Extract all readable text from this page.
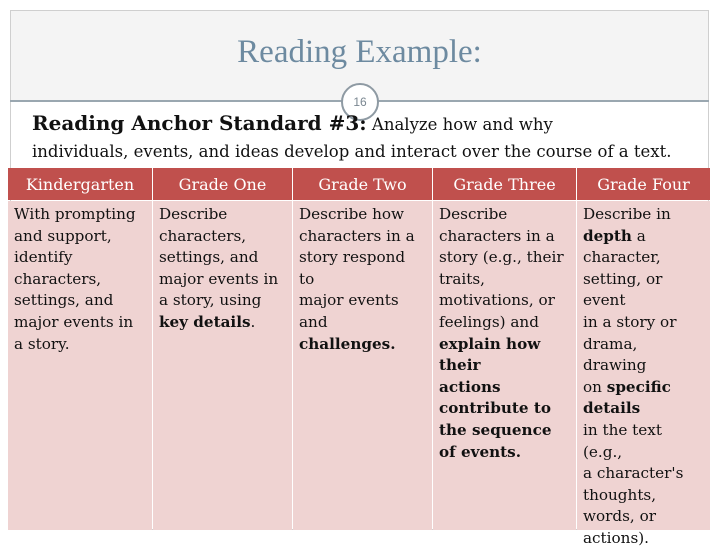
Reading Example:
16
Reading Anchor Standard #3: Analyze how and why
individuals, events, and ideas develop and interact over the course of a text.
Kindergarten
With prompting
and support,
identify
characters,
settings, and
major events in
a story.
Grade One
Describe
characters,
settings, and
major events in
a story, using
key details.
Grade Two
Describe how
characters in a
story respond
to
major events
and
challenges.
Grade Three
Describe
characters in a
story (e.g., their
traits,
motivations, or
feelings) and
explain how
their
actions
contribute to
the sequence
of events.
Grade Four
Describe in
depth a
character,
setting, or
event
in a story or
drama, drawing
on specific
details
in the text (e.g.,
a character's
thoughts,
words, or
actions).
